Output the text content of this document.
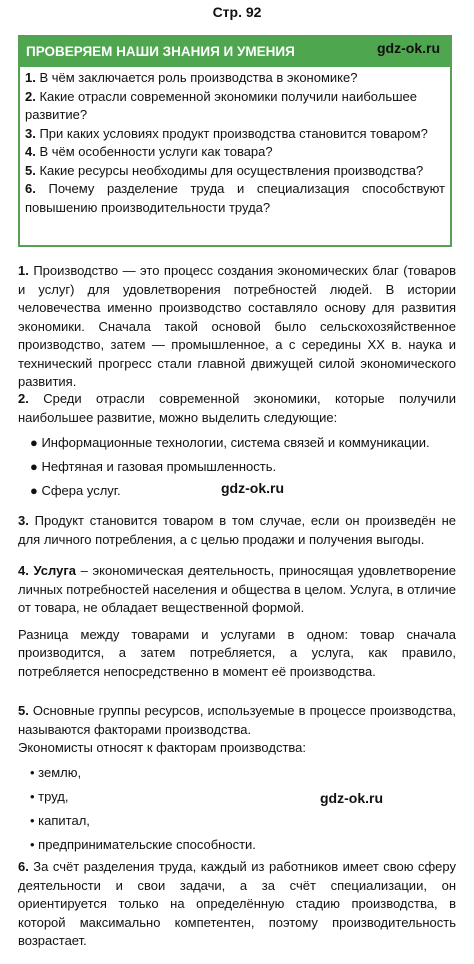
Стр. 92
ПРОВЕРЯЕМ НАШИ ЗНАНИЯ И УМЕНИЯ

1. В чём заключается роль производства в экономике?

2. Какие отрасли современной экономики получили наибольшее развитие?

3. При каких условиях продукт производства становится товаром?

4. В чём особенности услуги как товара?

5. Какие ресурсы необходимы для осуществления производства?

6. Почему разделение труда и специализация способствуют повышению производительности труда?

gdz-ok.ru

1. Производство — это процесс создания экономических благ (товаров и услуг) для удовлетворения потребностей людей. В истории человечества именно производство составляло основу для развития экономики. Сначала такой основой было сельскохозяйственное производство, затем — промышленное, а с середины XX в. наука и технический прогресс стали главной движущей силой экономического развития.

2. Среди отрасли современной экономики, которые получили наибольшее развитие, можно выделить следующие:

● Информационные технологии, система связей и коммуникации.

● Нефтяная и газовая промышленность.

● Сфера услуг.	gdz-ok.ru

3. Продукт становится товаром в том случае, если он произведён не для личного потребления, а с целью продажи и получения выгоды.

4. Услуга – экономическая деятельность, приносящая удовлетворение личных потребностей населения и общества в целом. Услуга, в отличие от товара, не обладает вещественной формой.

Разница между товарами и услугами в одном: товар сначала производится, а затем потребляется, а услуга, как правило, потребляется непосредственно в момент её производства.

5. Основные группы ресурсов, используемые в процессе производства, называются факторами производства.

Экономисты относят к факторам производства:

• землю,

• труд,

• капитал,

• предпринимательские способности.

gdz-ok.ru

6. За счёт разделения труда, каждый из работников имеет свою сферу деятельности и свои задачи, а за счёт специализации, он ориентируется только на определённую стадию производства, в которой максимально компетентен, поэтому производительность возрастает.
